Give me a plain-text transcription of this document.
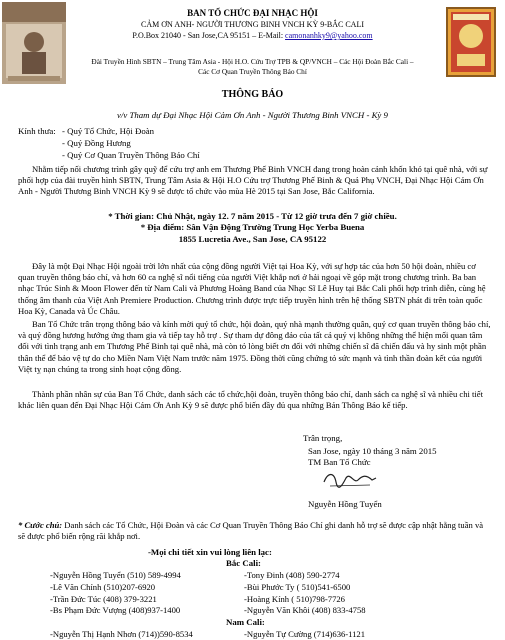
BAN TỔ CHỨC ĐẠI NHẠC HỘI
CẢM ƠN ANH- NGƯỜI THƯƠNG BINH VNCH KỲ 9-BẮC CALI
P.O.Box 21040 - San Jose,CA 95151 – E-Mail: camonanhky9@yahoo.com
Đài Truyền Hình SBTN – Trung Tâm Asia - Hội H.O. Cứu Trợ TPB & QP/VNCH – Các Hội Đoàn Bắc Cali –
Các Cơ Quan Truyền Thông Báo Chí
THÔNG BÁO
v/v Tham dự Đại Nhạc Hội Cảm Ơn Anh - Người Thương Binh VNCH - Kỳ 9
Kính thưa: - Quý Tổ Chức, Hội Đoàn
- Quý Đồng Hương
- Quý Cơ Quan Truyền Thông Báo Chí
Nhằm tiếp nối chương trình gây quỹ để cứu trợ anh em Thương Phế Binh VNCH đang trong hoàn cảnh khốn khó tại quê nhà, với sự phối hợp của đài truyền hình SBTN, Trung Tâm Asia & Hội H.O Cứu trợ Thương Phế Binh & Quả Phụ VNCH, Đại Nhạc Hội Cám Ơn Anh - Người Thương Binh VNCH Kỳ 9 sẽ được tổ chức vào mùa Hè 2015 tại San Jose, Bắc California.
* Thời gian: Chủ Nhật, ngày 12. 7 năm 2015 - Từ 12 giờ trưa đến 7 giờ chiều.
* Địa điểm: Sân Vận Động Trường Trung Học Yerba Buena
1855 Lucretia Ave., San Jose, CA 95122
Đây là một Đại Nhạc Hội ngoài trời lớn nhất của cộng đồng người Việt tại Hoa Kỳ, với sự hợp tác của hơn 50 hội đoàn, nhiều cơ quan truyền thông báo chí, và hơn 60 ca nghệ sĩ nổi tiếng của người Việt khắp nơi ở hải ngoại về góp mặt trong chương trình. Ba ban nhạc Trúc Sinh & Moon Flower đến từ Nam Cali và Phương Hoàng Band của Nhạc Sĩ Lê Huy tại Bắc Cali phối hợp trình diễn, cùng hệ thống âm thanh của Việt Anh Premiere Production. Chương trình được trực tiếp truyền hình trên hệ thống SBTN phát đi trên toàn quốc Hoa Kỳ, Canada và Úc Châu.
Ban Tổ Chức trân trọng thông báo và kính mời quý tổ chức, hội đoàn, quý nhà mạnh thường quân, quý cơ quan truyền thông báo chí, và quý đồng hương hướng ứng tham gia và tiếp tay hỗ trợ . Sự tham dự đông đảo của tất cả quý vị không những thể hiện mối quan tâm đối với tình trạng anh em Thương Phế Binh tại quê nhà, mà còn tỏ lòng biết ơn đối với những chiến sĩ đã chiến đấu và hy sinh một phần thân thể để bảo vệ tự do cho Miền Nam Việt Nam trước năm 1975. Đồng thời cũng chứng tỏ sức mạnh và tình thần đoàn kết của người Việt tỵ nạn chúng ta trong sinh hoạt cộng đồng.
Thành phần nhân sự của Ban Tổ Chức, danh sách các tổ chức,hội đoàn, truyền thông báo chí, danh sách ca nghệ sĩ và nhiều chi tiết khác liên quan đến Đại Nhạc Hội Cám Ơn Anh Kỳ 9 sẽ được phổ biến đầy đủ qua những Bản Thông Báo kế tiếp.
Trân trọng,
San Jose, ngày 10 tháng 3 năm 2015
TM Ban Tổ Chức
Nguyễn Hồng Tuyển
* Cước chú: Danh sách các Tổ Chức, Hội Đoàn và các Cơ Quan Truyền Thông Báo Chí ghi danh hỗ trợ sẽ được cập nhật hằng tuần và sẽ được phổ biến rộng rãi khắp nơi.
-Mọi chi tiết xin vui lòng liên lạc:
Bắc Cali:
-Nguyễn Hồng Tuyển (510) 589-4994
-Lê Văn Chính (510)207-6920
-Trần Đức Túc (408) 379-3221
-Bs Phạm Đức Vượng (408)937-1400
-Tony Đinh (408) 590-2774
-Bùi Phước Ty ( 510)541-6500
-Hoàng Kính ( 510)798-7726
-Nguyễn Văn Khôi (408) 833-4758
Nam Cali:
-Nguyễn Thị Hạnh Nhơn (714))590-8534	-Nguyễn Tự Cường (714)636-1121
